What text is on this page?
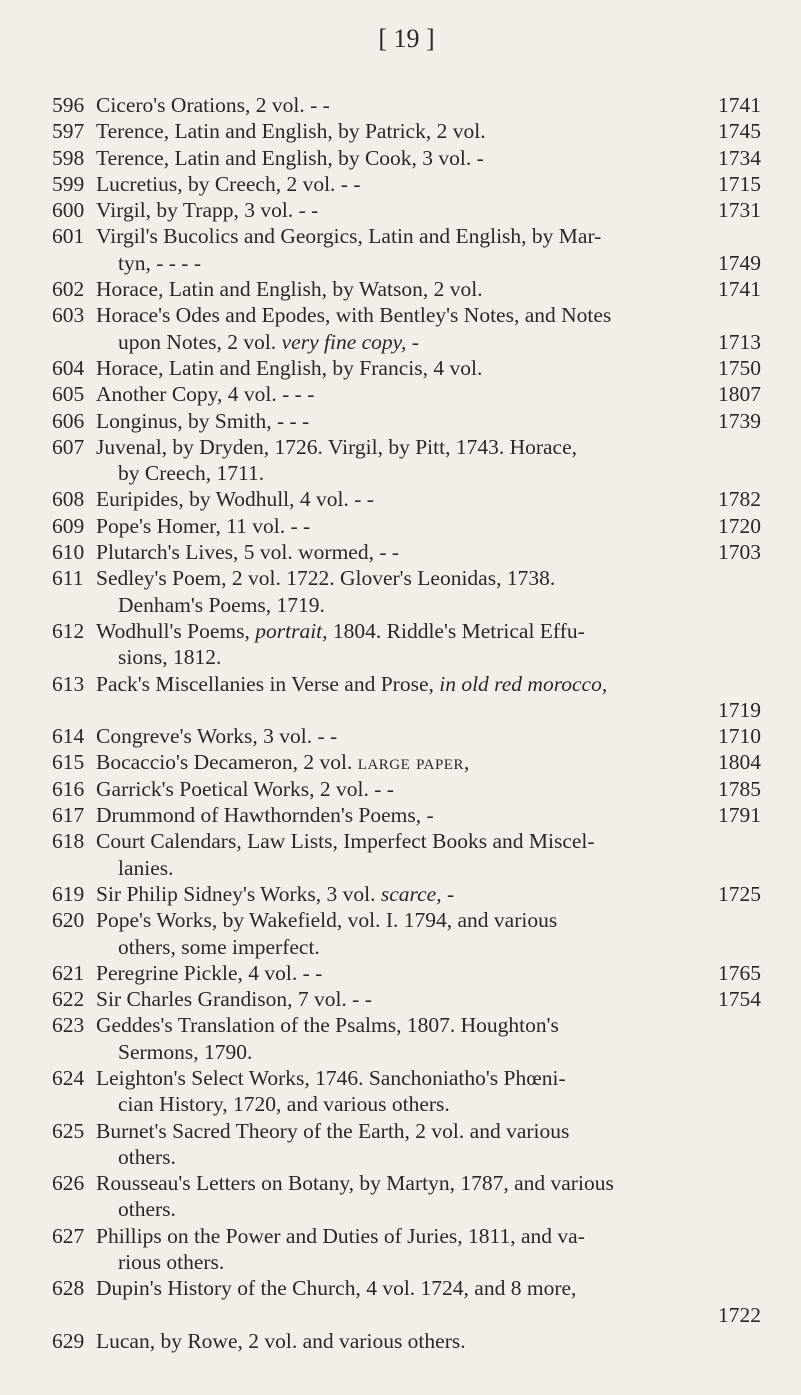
[ 19 ]
596 Cicero's Orations, 2 vol. - -	1741
597 Terence, Latin and English, by Patrick, 2 vol.	1745
598 Terence, Latin and English, by Cook, 3 vol. -	1734
599 Lucretius, by Creech, 2 vol. - -	1715
600 Virgil, by Trapp, 3 vol. - -	1731
601 Virgil's Bucolics and Georgics, Latin and English, by Mar-
tyn, - - - -	1749
602 Horace, Latin and English, by Watson, 2 vol.	1741
603 Horace's Odes and Epodes, with Bentley's Notes, and Notes
upon Notes, 2 vol. very fine copy, -	1713
604 Horace, Latin and English, by Francis, 4 vol.	1750
605 Another Copy, 4 vol. - - -	1807
606 Longinus, by Smith, - - -	1739
607 Juvenal, by Dryden, 1726. Virgil, by Pitt, 1743. Horace,
by Creech, 1711.
608 Euripides, by Wodhull, 4 vol. - -	1782
609 Pope's Homer, 11 vol. - -	1720
610 Plutarch's Lives, 5 vol. wormed, - -	1703
611 Sedley's Poem, 2 vol. 1722. Glover's Leonidas, 1738.
Denham's Poems, 1719.
612 Wodhull's Poems, portrait, 1804. Riddle's Metrical Effu-
sions, 1812.
613 Pack's Miscellanies in Verse and Prose, in old red morocco,
1719
614 Congreve's Works, 3 vol. - -	1710
615 Bocaccio's Decameron, 2 vol. large paper,	1804
616 Garrick's Poetical Works, 2 vol. - -	1785
617 Drummond of Hawthornden's Poems, -	1791
618 Court Calendars, Law Lists, Imperfect Books and Miscel-
lanies.
619 Sir Philip Sidney's Works, 3 vol. scarce, -	1725
620 Pope's Works, by Wakefield, vol. I. 1794, and various
others, some imperfect.
621 Peregrine Pickle, 4 vol. - -	1765
622 Sir Charles Grandison, 7 vol. - -	1754
623 Geddes's Translation of the Psalms, 1807. Houghton's
Sermons, 1790.
624 Leighton's Select Works, 1746. Sanchoniatho's Phœni-
cian History, 1720, and various others.
625 Burnet's Sacred Theory of the Earth, 2 vol. and various
others.
626 Rousseau's Letters on Botany, by Martyn, 1787, and various
others.
627 Phillips on the Power and Duties of Juries, 1811, and va-
rious others.
628 Dupin's History of the Church, 4 vol. 1724, and 8 more,
1722
629 Lucan, by Rowe, 2 vol. and various others.
